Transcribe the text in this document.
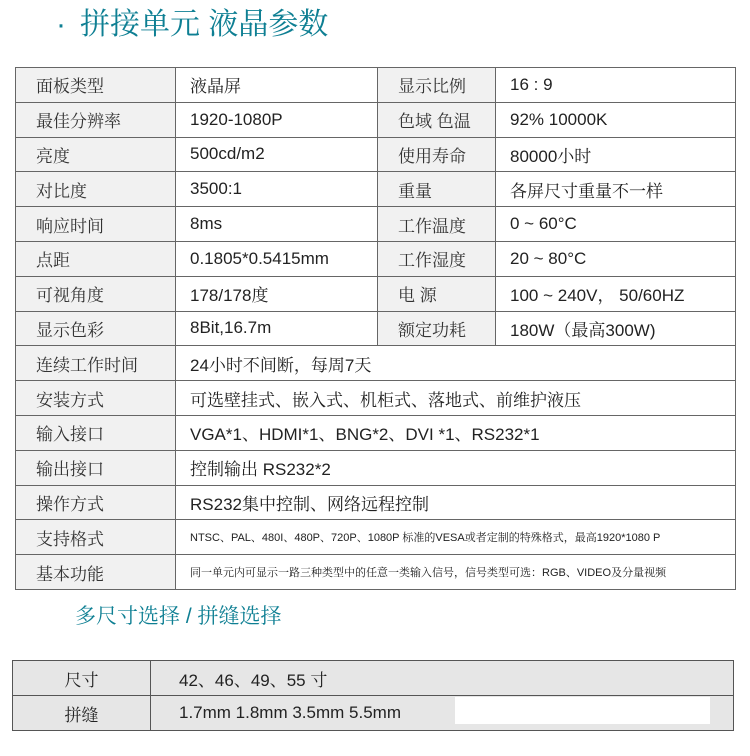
· 拼接单元 液晶参数
面板类型	液晶屏	显示比例	16 : 9
最佳分辨率	1920-1080P	色域 色温	92% 10000K
亮度	500cd/m2	使用寿命	80000小时
对比度	3500:1	重量	各屏尺寸重量不一样
响应时间	8ms	工作温度	0 ~ 60°C
点距	0.1805*0.5415mm	工作湿度	20 ~ 80°C
可视角度	178/178度	电 源	100 ~ 240V， 50/60HZ
显示色彩	8Bit,16.7m	额定功耗	180W（最高300W)
连续工作时间	24小时不间断，每周7天		
安装方式	可选壁挂式、嵌入式、机柜式、落地式、前维护液压		
输入接口	VGA*1、HDMI*1、BNG*2、DVI *1、RS232*1		
输出接口	控制输出 RS232*2		
操作方式	RS232集中控制、网络远程控制		
支持格式	NTSC、PAL、480I、480P、720P、1080P 标准的VESA或者定制的特殊格式，最高1920*1080 P		
基本功能	同一单元内可显示一路三种类型中的任意一类输入信号，信号类型可选：RGB、VIDEO及分量视频		
多尺寸选择 / 拼缝选择
尺寸	42、46、49、55 寸
拼缝	1.7mm 1.8mm 3.5mm 5.5mm
